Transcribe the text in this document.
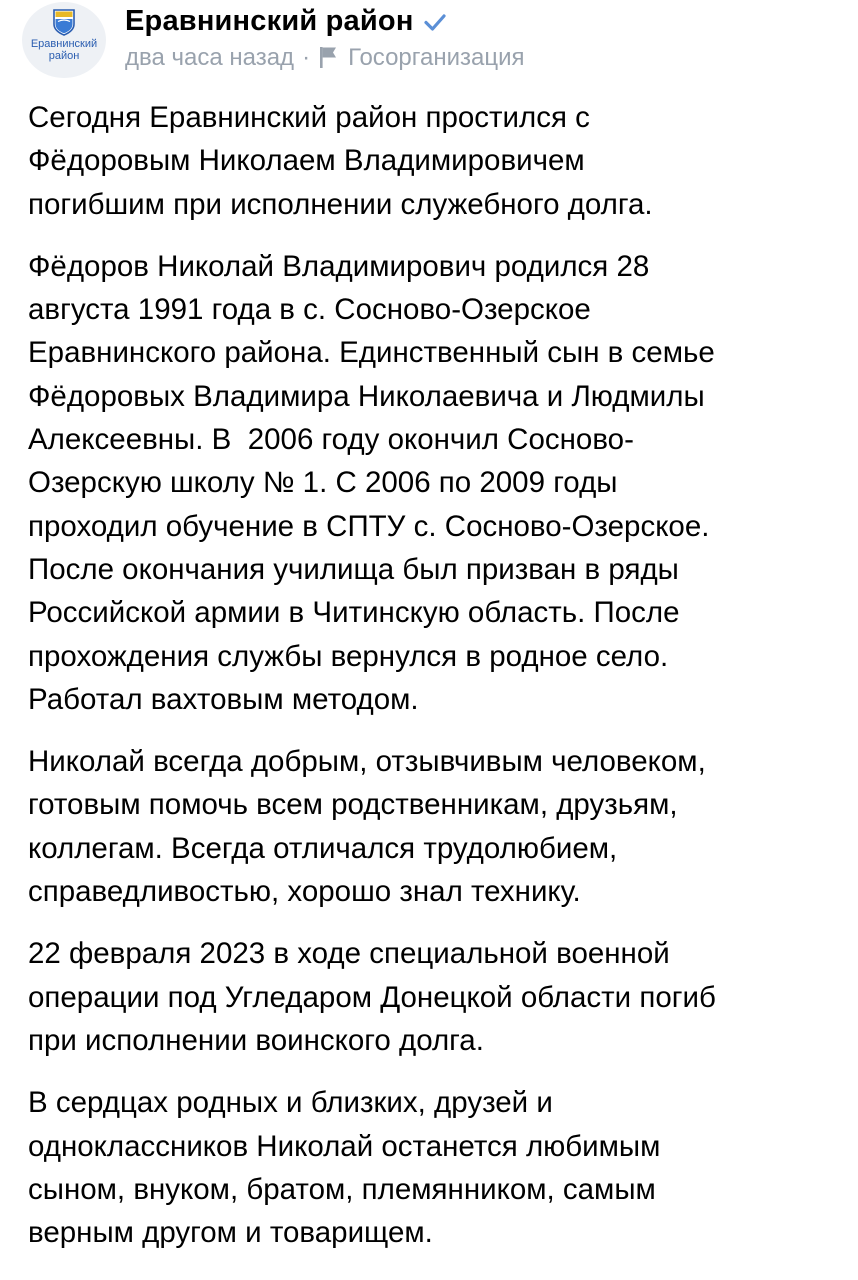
Еравнинский
район
Еравнинский район
два часа назад · Госорганизация
Сегодня Еравнинский район простился с
Фёдоровым Николаем Владимировичем
погибшим при исполнении служебного долга.
Фёдоров Николай Владимирович родился 28
августа 1991 года в с. Сосново-Озерское
Еравнинского района. Единственный сын в семье
Фёдоровых Владимира Николаевича и Людмилы
Алексеевны. В  2006 году окончил Сосново-
Озерскую школу № 1. С 2006 по 2009 годы
проходил обучение в СПТУ с. Сосново-Озерское.
После окончания училища был призван в ряды
Российской армии в Читинскую область. После
прохождения службы вернулся в родное село.
Работал вахтовым методом.
Николай всегда добрым, отзывчивым человеком,
готовым помочь всем родственникам, друзьям,
коллегам. Всегда отличался трудолюбием,
справедливостью, хорошо знал технику.
22 февраля 2023 в ходе специальной военной
операции под Угледаром Донецкой области погиб
при исполнении воинского долга.
В сердцах родных и близких, друзей и
одноклассников Николай останется любимым
сыном, внуком, братом, племянником, самым
верным другом и товарищем.
